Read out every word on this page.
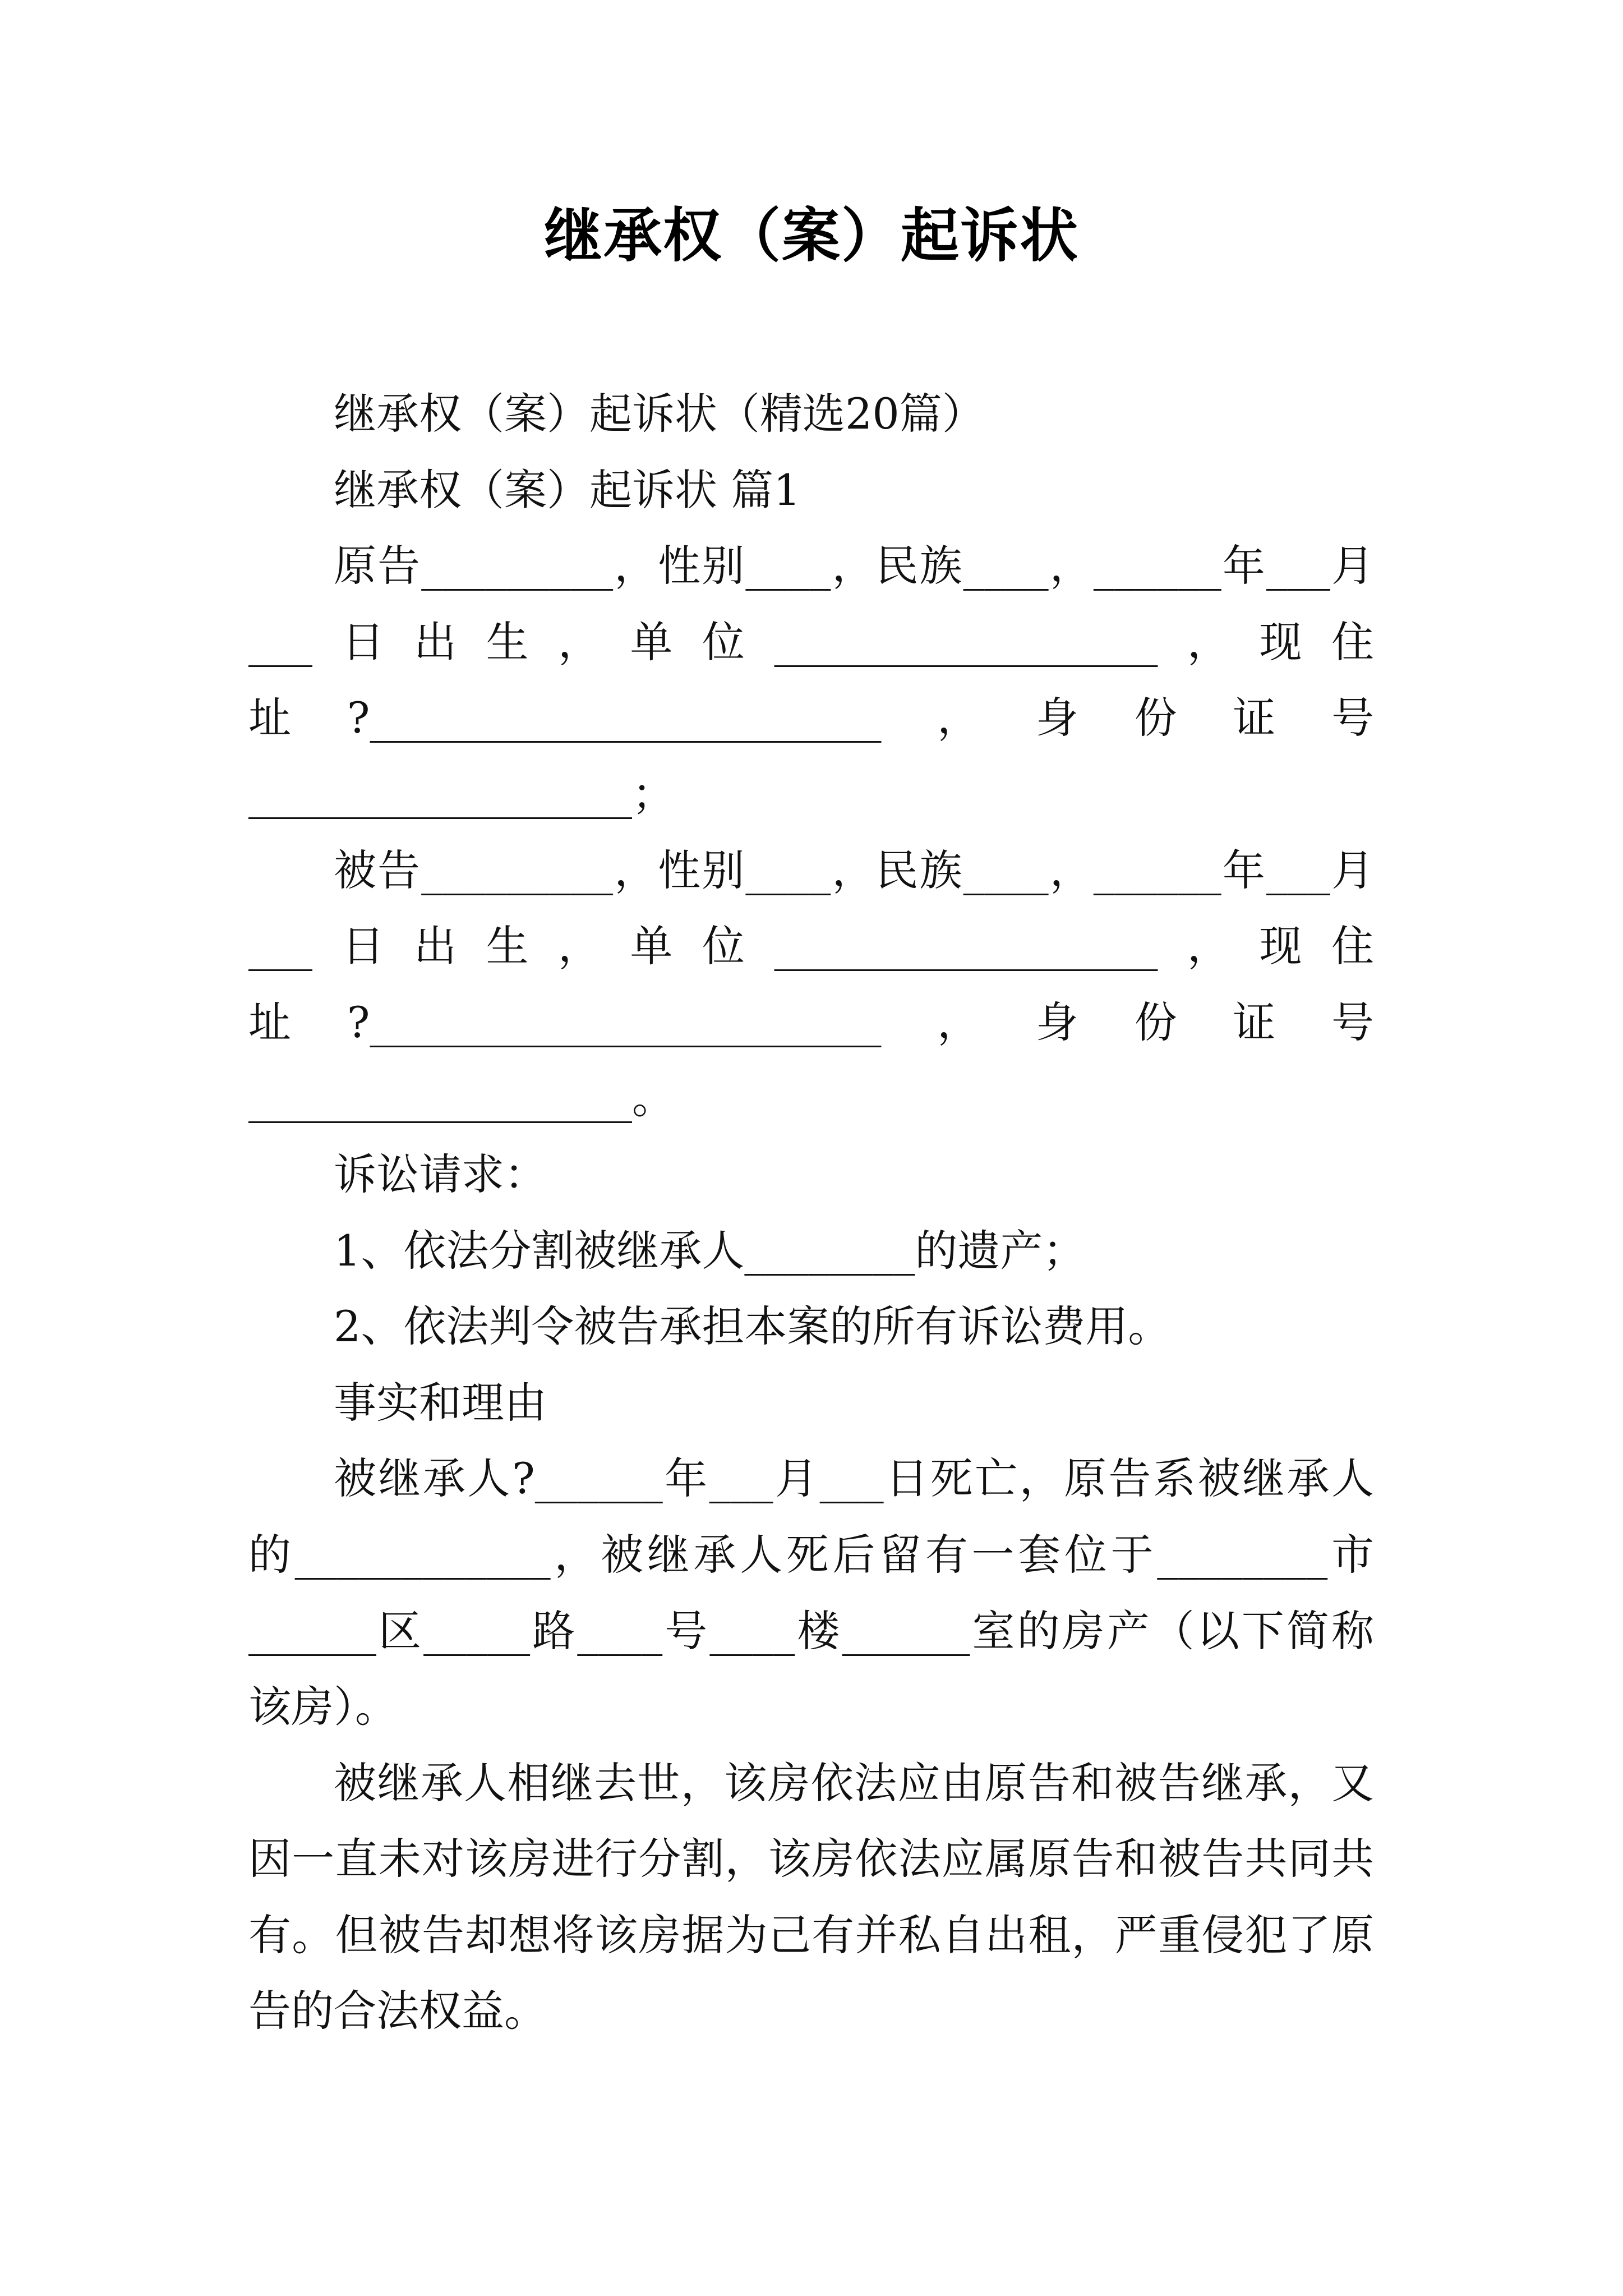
继承权（案）起诉状
继承权（案）起诉状（精选20篇）
继承权（案）起诉状 篇1
原告_________，性别____，民族____，______年___月
___日出生，单位__________________，现住
址?________________________，身份证号
__________________；
被告_________，性别____，民族____，______年___月
___日出生，单位__________________，现住
址?________________________，身份证号
__________________。
诉讼请求：
1、依法分割被继承人________的遗产；
2、依法判令被告承担本案的所有诉讼费用。
事实和理由
被继承人?______年___月___日死亡，原告系被继承人
的____________，被继承人死后留有一套位于________市
______区_____路____号____楼______室的房产（以下简称
该房）。
被继承人相继去世，该房依法应由原告和被告继承，又
因一直未对该房进行分割，该房依法应属原告和被告共同共
有。但被告却想将该房据为己有并私自出租，严重侵犯了原
告的合法权益。
